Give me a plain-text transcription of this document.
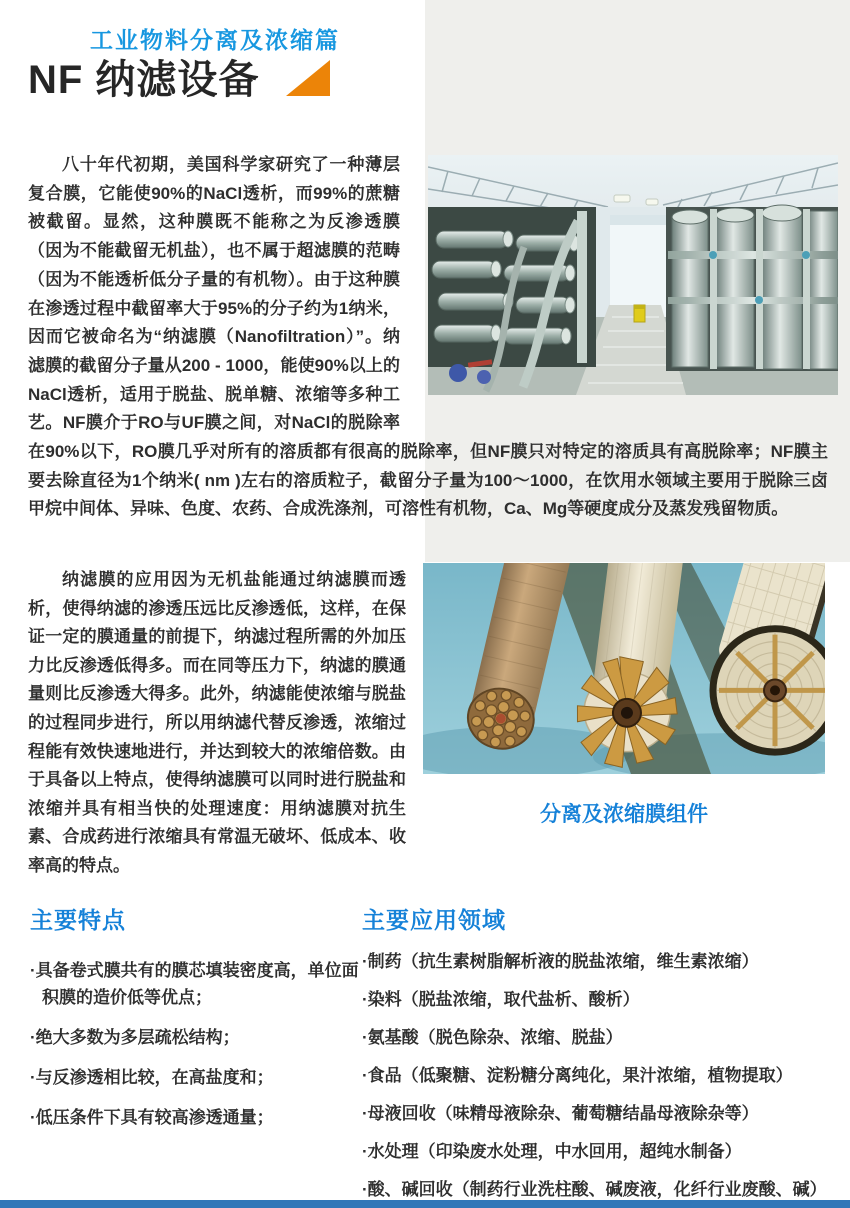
工业物料分离及浓缩篇
NF 纳滤设备

八十年代初期，美国科学家研究了一种薄层复合膜，它能使90%的NaCl透析，而99%的蔗糖被截留。显然，这种膜既不能称之为反渗透膜（因为不能截留无机盐），也不属于超滤膜的范畴（因为不能透析低分子量的有机物）。由于这种膜在渗透过程中截留率大于95%的分子约为1纳米，因而它被命名为“纳滤膜（Nanofiltration）”。纳滤膜的截留分子量从200 - 1000，能使90%以上的NaCl透析，适用于脱盐、脱单糖、浓缩等多种工艺。NF膜介于RO与UF膜之间，对NaCl的脱除率在90%以下，RO膜几乎对所有的溶质都有很高的脱除率，但NF膜只对特定的溶质具有高脱除率；NF膜主要去除直径为1个纳米( nm )左右的溶质粒子，截留分子量为100～1000，在饮用水领域主要用于脱除三卤甲烷中间体、异味、色度、农药、合成洗涤剂，可溶性有机物，Ca、Mg等硬度成分及蒸发残留物质。

纳滤膜的应用因为无机盐能通过纳滤膜而透析，使得纳滤的渗透压远比反渗透低，这样，在保证一定的膜通量的前提下，纳滤过程所需的外加压力比反渗透低得多。而在同等压力下，纳滤的膜通量则比反渗透大得多。此外，纳滤能使浓缩与脱盐的过程同步进行，所以用纳滤代替反渗透，浓缩过程能有效快速地进行，并达到较大的浓缩倍数。由于具备以上特点，使得纳滤膜可以同时进行脱盐和浓缩并具有相当快的处理速度：用纳滤膜对抗生素、合成药进行浓缩具有常温无破坏、低成本、收率高的特点。

分离及浓缩膜组件
主要特点
·具备卷式膜共有的膜芯填装密度高，单位面积膜的造价低等优点；
·绝大多数为多层疏松结构；
·与反渗透相比较，在高盐度和；
·低压条件下具有较高渗透通量；
主要应用领域
·制药（抗生素树脂解析液的脱盐浓缩，维生素浓缩）
·染料（脱盐浓缩，取代盐析、酸析）
·氨基酸（脱色除杂、浓缩、脱盐）
·食品（低聚糖、淀粉糖分离纯化，果汁浓缩，植物提取）
·母液回收（味精母液除杂、葡萄糖结晶母液除杂等）
·水处理（印染废水处理，中水回用，超纯水制备）
·酸、碱回收（制药行业洗柱酸、碱废液，化纤行业废酸、碱）
